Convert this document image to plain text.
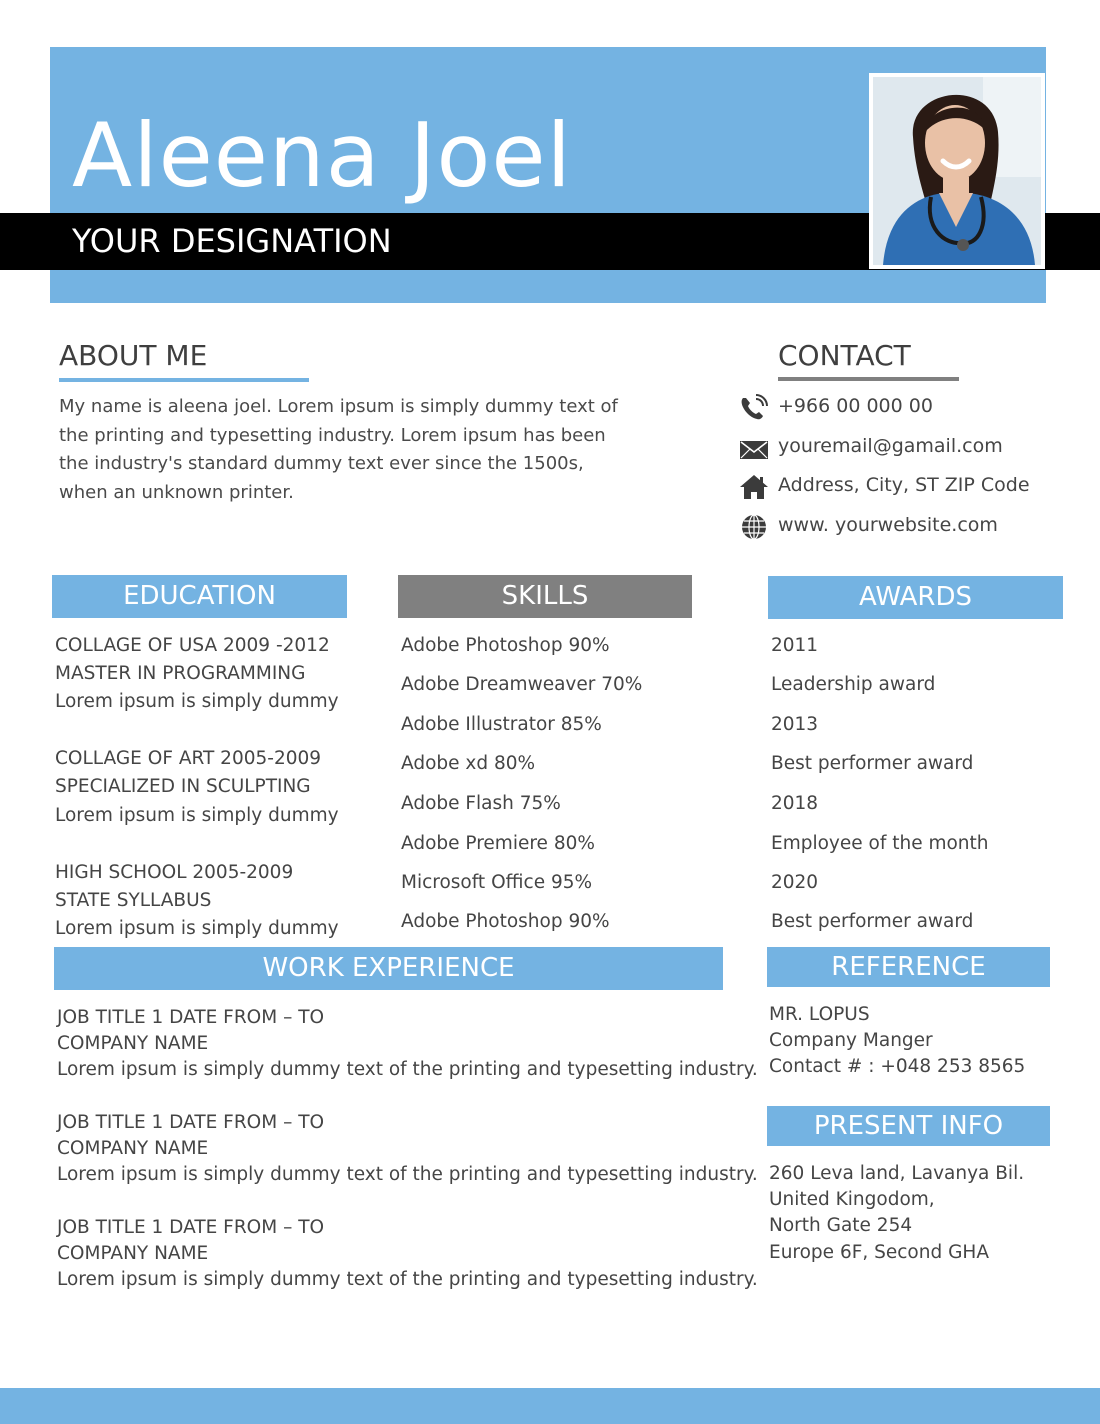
Aleena Joel
YOUR DESIGNATION
ABOUT ME
My name is aleena joel. Lorem ipsum is simply dummy text of
the printing and typesetting industry. Lorem ipsum has been
the industry's standard dummy text ever since the 1500s,
when an unknown printer.
CONTACT
+966 00 000 00
youremail@gamail.com
Address, City, ST ZIP Code
www. yourwebsite.com
EDUCATION
COLLAGE OF USA 2009 -2012
MASTER IN PROGRAMMING
Lorem ipsum is simply dummy
COLLAGE OF ART 2005-2009
SPECIALIZED IN SCULPTING
Lorem ipsum is simply dummy
HIGH SCHOOL 2005-2009
STATE SYLLABUS
Lorem ipsum is simply dummy
SKILLS
Adobe Photoshop 90%
Adobe Dreamweaver 70%
Adobe Illustrator 85%
Adobe xd 80%
Adobe Flash 75%
Adobe Premiere 80%
Microsoft Office 95%
Adobe Photoshop 90%
AWARDS
2011
Leadership award
2013
Best performer award
2018
Employee of the month
2020
Best performer award
WORK EXPERIENCE
JOB TITLE 1 DATE FROM – TO
COMPANY NAME
Lorem ipsum is simply dummy text of the printing and typesetting industry.
JOB TITLE 1 DATE FROM – TO
COMPANY NAME
Lorem ipsum is simply dummy text of the printing and typesetting industry.
JOB TITLE 1 DATE FROM – TO
COMPANY NAME
Lorem ipsum is simply dummy text of the printing and typesetting industry.
REFERENCE
MR. LOPUS
Company Manger
Contact # : +048 253 8565
PRESENT INFO
260 Leva land, Lavanya Bil.
United Kingodom,
North Gate 254
Europe 6F, Second GHA
